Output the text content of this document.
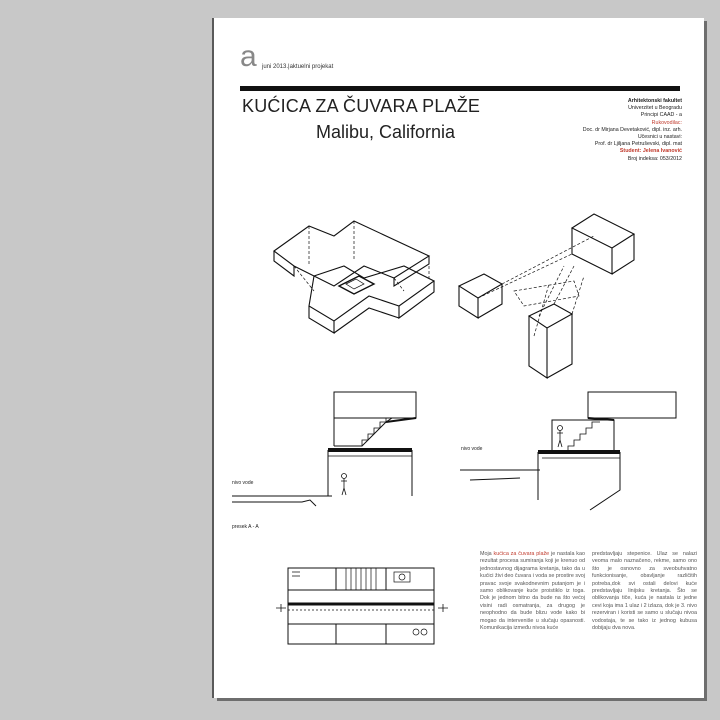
a juni 2013.|aktuelni projekat
KUĆICA ZA ČUVARA PLAŽE
Malibu, California
Arhitektonski fakultet
Univerzitet u Beogradu
Principi CAAD - a
Rukovodilac:
Doc. dr Mirjana Devetaković, dipl. inz. arh.
Učesnici u nastavi:
Prof. dr Ljiljana Petruševski, dipl. mat
Student: Jelena Ivanović
Broj indeksa: 053/2012
nivo vode
nivo vode
presek A - A
Moja kućica za čuvara plaže je nastala kao rezultat procesa sumiranja koji je krenuo od jednostavnog dijagrama kretanja, tako da u kućici živi deo čuvara i voda se prostire svoj pravac svoje svakodnevnim putanjom je i samo oblikovanje kuće proistiklo iz toga. Dok je jednom bitno da bude na što većoj visini radi osmatranja, za drugog je neophodno da bude blizu vode kako bi mogao da interveniše u slučaju opasnosti. Komunikacija između nivoa kuće
predstavljaju stepenice. Ulaz se nalazi veoma malo naznačeno, rekme, samo ono što je osnovno za sveobuhvatno funkcionisanje, obavljanje različitih potreba,dok svi ostali delovi kuće predstavljaju linijsku kretanja. Što se oblikovanja tiče, kuća je nastala iz jedne cevi koja ima 1 ulaz i 2 izlaza, dok je 3. nivo rezerviran i koristi se samo u slučaju nivoa vodostaja, te se tako iz jednog kubusa dobijaju dva nova.
